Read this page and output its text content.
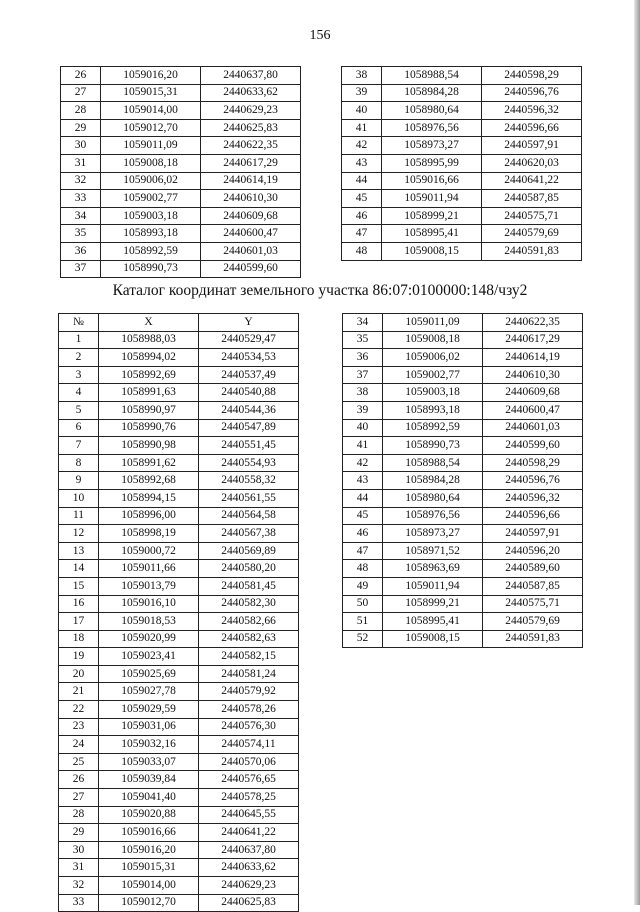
156
26	1059016,20	2440637,80
27	1059015,31	2440633,62
28	1059014,00	2440629,23
29	1059012,70	2440625,83
30	1059011,09	2440622,35
31	1059008,18	2440617,29
32	1059006,02	2440614,19
33	1059002,77	2440610,30
34	1059003,18	2440609,68
35	1058993,18	2440600,47
36	1058992,59	2440601,03
37	1058990,73	2440599,60
38	1058988,54	2440598,29
39	1058984,28	2440596,76
40	1058980,64	2440596,32
41	1058976,56	2440596,66
42	1058973,27	2440597,91
43	1058995,99	2440620,03
44	1059016,66	2440641,22
45	1059011,94	2440587,85
46	1058999,21	2440575,71
47	1058995,41	2440579,69
48	1059008,15	2440591,83
Каталог координат земельного участка 86:07:0100000:148/чзу2
№	X	Y
1	1058988,03	2440529,47
2	1058994,02	2440534,53
3	1058992,69	2440537,49
4	1058991,63	2440540,88
5	1058990,97	2440544,36
6	1058990,76	2440547,89
7	1058990,98	2440551,45
8	1058991,62	2440554,93
9	1058992,68	2440558,32
10	1058994,15	2440561,55
11	1058996,00	2440564,58
12	1058998,19	2440567,38
13	1059000,72	2440569,89
14	1059011,66	2440580,20
15	1059013,79	2440581,45
16	1059016,10	2440582,30
17	1059018,53	2440582,66
18	1059020,99	2440582,63
19	1059023,41	2440582,15
20	1059025,69	2440581,24
21	1059027,78	2440579,92
22	1059029,59	2440578,26
23	1059031,06	2440576,30
24	1059032,16	2440574,11
25	1059033,07	2440570,06
26	1059039,84	2440576,65
27	1059041,40	2440578,25
28	1059020,88	2440645,55
29	1059016,66	2440641,22
30	1059016,20	2440637,80
31	1059015,31	2440633,62
32	1059014,00	2440629,23
33	1059012,70	2440625,83
34	1059011,09	2440622,35
35	1059008,18	2440617,29
36	1059006,02	2440614,19
37	1059002,77	2440610,30
38	1059003,18	2440609,68
39	1058993,18	2440600,47
40	1058992,59	2440601,03
41	1058990,73	2440599,60
42	1058988,54	2440598,29
43	1058984,28	2440596,76
44	1058980,64	2440596,32
45	1058976,56	2440596,66
46	1058973,27	2440597,91
47	1058971,52	2440596,20
48	1058963,69	2440589,60
49	1059011,94	2440587,85
50	1058999,21	2440575,71
51	1058995,41	2440579,69
52	1059008,15	2440591,83
